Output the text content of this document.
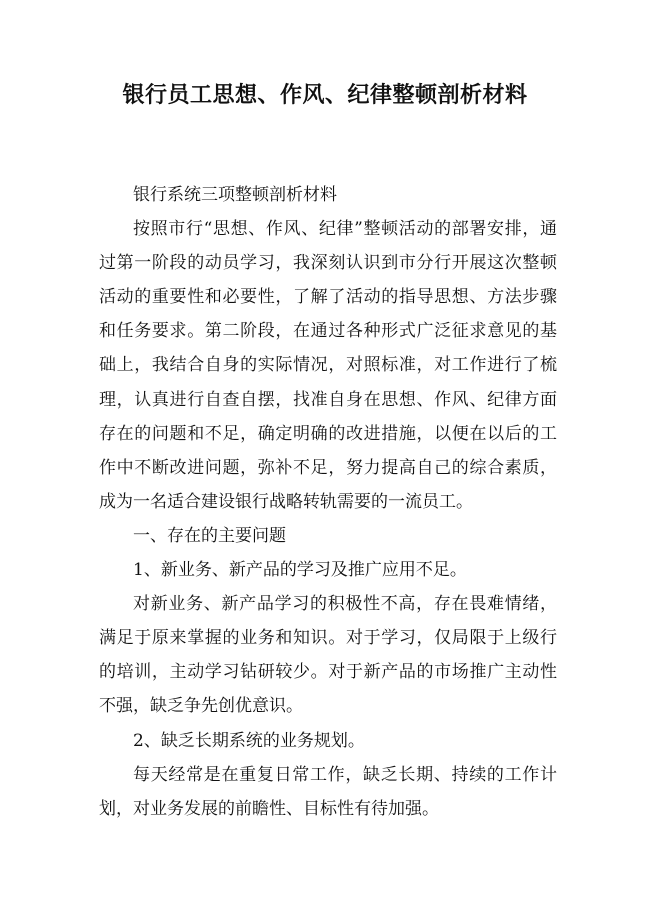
银行员工思想、作风、纪律整顿剖析材料

银行系统三项整顿剖析材料

按照市行“思想、作风、纪律”整顿活动的部署安排，通过第一阶段的动员学习，我深刻认识到市分行开展这次整顿活动的重要性和必要性，了解了活动的指导思想、方法步骤和任务要求。第二阶段，在通过各种形式广泛征求意见的基础上，我结合自身的实际情况，对照标准，对工作进行了梳理，认真进行自查自摆，找准自身在思想、作风、纪律方面存在的问题和不足，确定明确的改进措施，以便在以后的工作中不断改进问题，弥补不足，努力提高自己的综合素质，成为一名适合建设银行战略转轨需要的一流员工。

一、存在的主要问题

1、新业务、新产品的学习及推广应用不足。

对新业务、新产品学习的积极性不高，存在畏难情绪，满足于原来掌握的业务和知识。对于学习，仅局限于上级行的培训，主动学习钻研较少。对于新产品的市场推广主动性不强，缺乏争先创优意识。

2、缺乏长期系统的业务规划。

每天经常是在重复日常工作，缺乏长期、持续的工作计划，对业务发展的前瞻性、目标性有待加强。
